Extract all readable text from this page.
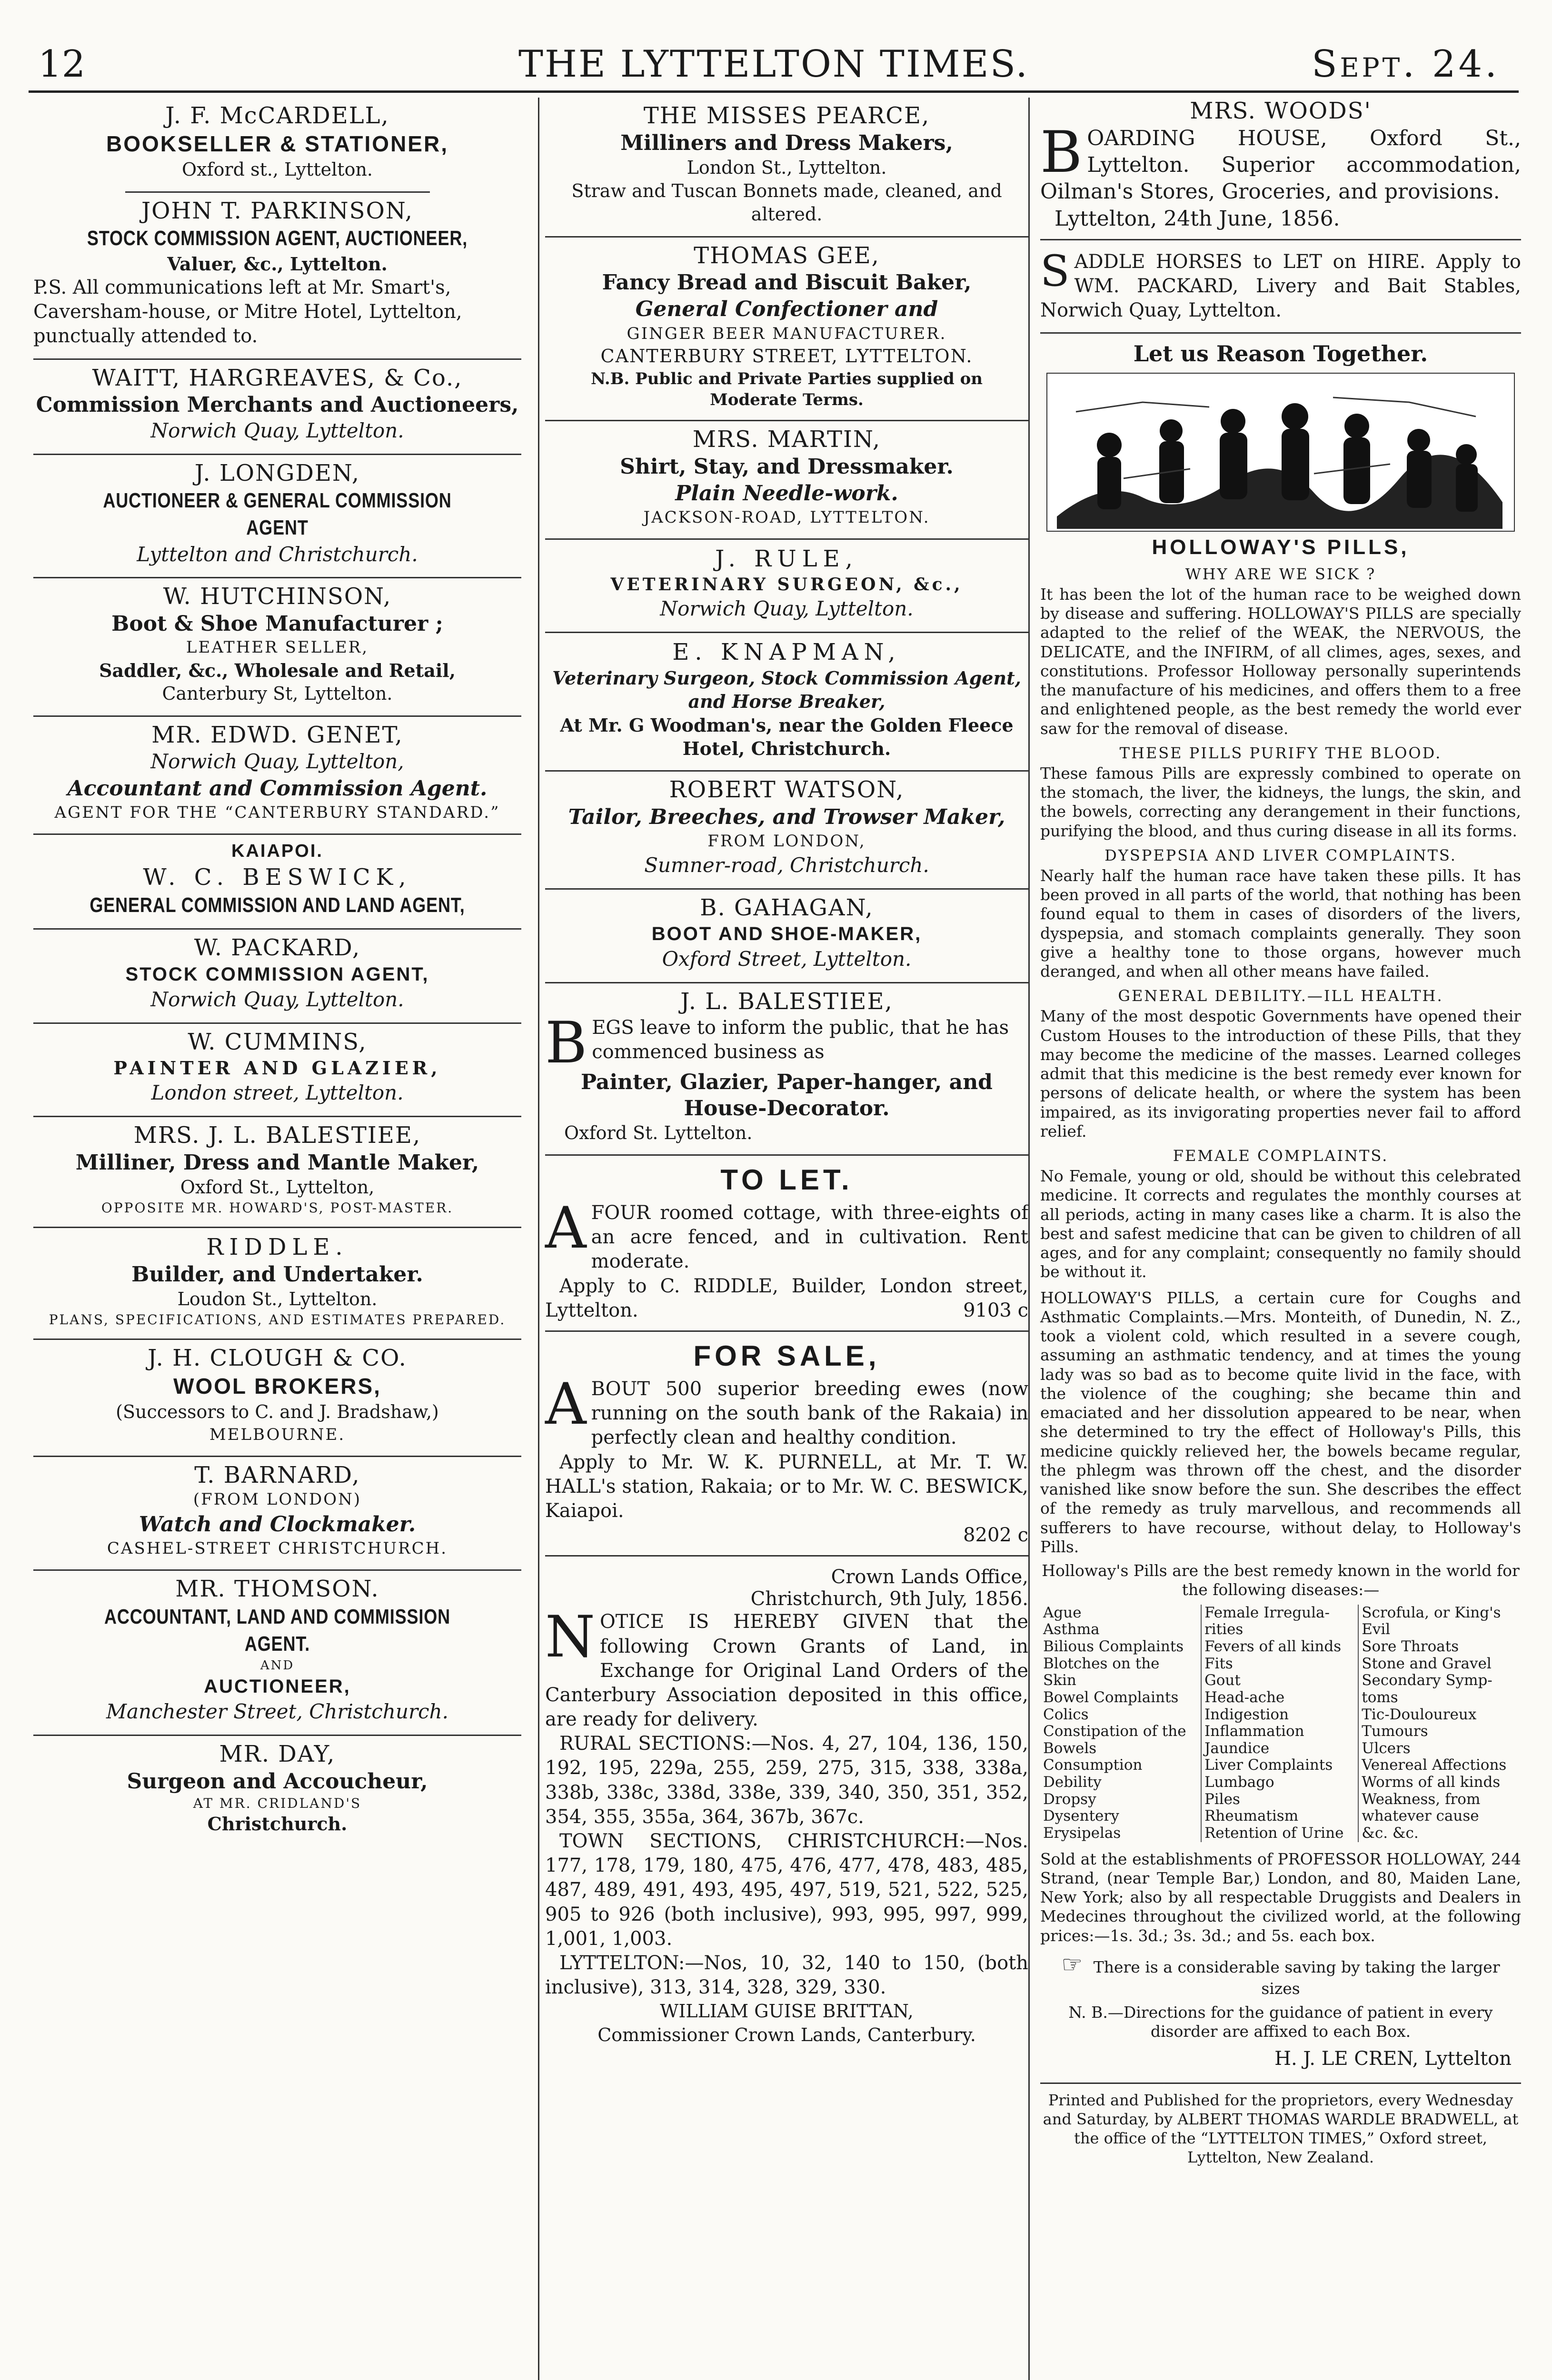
12	THE LYTTELTON TIMES.	Sept. 24.
J. F. McCARDELL,
BOOKSELLER & STATIONER,
Oxford st., Lyttelton.
JOHN T. PARKINSON,
STOCK COMMISSION AGENT, AUCTIONEER,
Valuer, &c., Lyttelton.
P.S. All communications left at Mr. Smart's, Caversham-house, or Mitre Hotel, Lyttelton, punctually attended to.
WAITT, HARGREAVES, & Co.,
Commission Merchants and Auctioneers,
Norwich Quay, Lyttelton.
J. LONGDEN,
AUCTIONEER & GENERAL COMMISSION AGENT
Lyttelton and Christchurch.
W. HUTCHINSON,
Boot & Shoe Manufacturer ;
LEATHER SELLER,
Saddler, &c., Wholesale and Retail,
Canterbury St, Lyttelton.
MR. EDWD. GENET,
Norwich Quay, Lyttelton,
Accountant and Commission Agent.
AGENT FOR THE “CANTERBURY STANDARD.”
KAIAPOI.
W. C. BESWICK,
GENERAL COMMISSION AND LAND AGENT,
W. PACKARD,
STOCK COMMISSION AGENT,
Norwich Quay, Lyttelton.
W. CUMMINS,
PAINTER AND GLAZIER,
London street, Lyttelton.
MRS. J. L. BALESTIEE,
Milliner, Dress and Mantle Maker,
Oxford St., Lyttelton,
OPPOSITE MR. HOWARD'S, POST-MASTER.
RIDDLE.
Builder, and Undertaker.
Loudon St., Lyttelton.
PLANS, SPECIFICATIONS, AND ESTIMATES PREPARED.
J. H. CLOUGH & CO.
WOOL BROKERS,
(Successors to C. and J. Bradshaw,)
MELBOURNE.
T. BARNARD,
(FROM LONDON)
Watch and Clockmaker.
CASHEL-STREET CHRISTCHURCH.
MR. THOMSON.
ACCOUNTANT, LAND AND COMMISSION AGENT.
AND
AUCTIONEER,
Manchester Street, Christchurch.
MR. DAY,
Surgeon and Accoucheur,
AT MR. CRIDLAND'S
Christchurch.
THE MISSES PEARCE,
Milliners and Dress Makers,
London St., Lyttelton.
Straw and Tuscan Bonnets made, cleaned, and altered.
THOMAS GEE,
Fancy Bread and Biscuit Baker,
General Confectioner and
GINGER BEER MANUFACTURER.
CANTERBURY STREET, LYTTELTON.
N.B. Public and Private Parties supplied on Moderate Terms.
MRS. MARTIN,
Shirt, Stay, and Dressmaker.
Plain Needle-work.
JACKSON-ROAD, LYTTELTON.
J. RULE,
VETERINARY SURGEON, &c.,
Norwich Quay, Lyttelton.
E. KNAPMAN,
Veterinary Surgeon, Stock Commission Agent,
and Horse Breaker,
At Mr. G Woodman's, near the Golden Fleece Hotel, Christchurch.
ROBERT WATSON,
Tailor, Breeches, and Trowser Maker,
FROM LONDON,
Sumner-road, Christchurch.
B. GAHAGAN,
BOOT AND SHOE-MAKER,
Oxford Street, Lyttelton.
J. L. BALESTIEE,
B EGS leave to inform the public, that he has commenced business as
Painter, Glazier, Paper-hanger, and House-Decorator.
Oxford St. Lyttelton.
TO LET.
A FOUR roomed cottage, with three-eights of an acre fenced, and in cultivation. Rent moderate.
Apply to C. RIDDLE, Builder, London street, Lyttelton.	9103 c
FOR SALE,
A BOUT 500 superior breeding ewes (now running on the south bank of the Rakaia) in perfectly clean and healthy condition.
Apply to Mr. W. K. PURNELL, at Mr. T. W. HALL's station, Rakaia; or to Mr. W. C. BESWICK, Kaiapoi.
8202 c
Crown Lands Office,
Christchurch, 9th July, 1856.
N OTICE IS HEREBY GIVEN that the following Crown Grants of Land, in Exchange for Original Land Orders of the Canterbury Association deposited in this office, are ready for delivery.
RURAL SECTIONS:—Nos. 4, 27, 104, 136, 150, 192, 195, 229a, 255, 259, 275, 315, 338, 338a, 338b, 338c, 338d, 338e, 339, 340, 350, 351, 352, 354, 355, 355a, 364, 367b, 367c.
TOWN SECTIONS, CHRISTCHURCH:—Nos. 177, 178, 179, 180, 475, 476, 477, 478, 483, 485, 487, 489, 491, 493, 495, 497, 519, 521, 522, 525, 905 to 926 (both inclusive), 993, 995, 997, 999, 1,001, 1,003.
LYTTELTON:—Nos, 10, 32, 140 to 150, (both inclusive), 313, 314, 328, 329, 330.
WILLIAM GUISE BRITTAN,
Commissioner Crown Lands, Canterbury.
MRS. WOODS'
B OARDING HOUSE, Oxford St., Lyttelton. Superior accommodation, Oilman's Stores, Groceries, and provisions.
Lyttelton, 24th June, 1856.
S ADDLE HORSES to LET on HIRE. Apply to WM. PACKARD, Livery and Bait Stables, Norwich Quay, Lyttelton.
Let us Reason Together.
HOLLOWAY'S PILLS,
WHY ARE WE SICK ?
It has been the lot of the human race to be weighed down by disease and suffering. HOLLOWAY'S PILLS are specially adapted to the relief of the WEAK, the NERVOUS, the DELICATE, and the INFIRM, of all climes, ages, sexes, and constitutions. Professor Holloway personally superintends the manufacture of his medicines, and offers them to a free and enlightened people, as the best remedy the world ever saw for the removal of disease.
THESE PILLS PURIFY THE BLOOD.
These famous Pills are expressly combined to operate on the stomach, the liver, the kidneys, the lungs, the skin, and the bowels, correcting any derangement in their functions, purifying the blood, and thus curing disease in all its forms.
DYSPEPSIA AND LIVER COMPLAINTS.
Nearly half the human race have taken these pills. It has been proved in all parts of the world, that nothing has been found equal to them in cases of disorders of the livers, dyspepsia, and stomach complaints generally. They soon give a healthy tone to those organs, however much deranged, and when all other means have failed.
GENERAL DEBILITY.—ILL HEALTH.
Many of the most despotic Governments have opened their Custom Houses to the introduction of these Pills, that they may become the medicine of the masses. Learned colleges admit that this medicine is the best remedy ever known for persons of delicate health, or where the system has been impaired, as its invigorating properties never fail to afford relief.
FEMALE COMPLAINTS.
No Female, young or old, should be without this celebrated medicine. It corrects and regulates the monthly courses at all periods, acting in many cases like a charm. It is also the best and safest medicine that can be given to children of all ages, and for any complaint; consequently no family should be without it.
HOLLOWAY'S PILLS, a certain cure for Coughs and Asthmatic Complaints.—Mrs. Monteith, of Dunedin, N. Z., took a violent cold, which resulted in a severe cough, assuming an asthmatic tendency, and at times the young lady was so bad as to become quite livid in the face, with the violence of the coughing; she became thin and emaciated and her dissolution appeared to be near, when she determined to try the effect of Holloway's Pills, this medicine quickly relieved her, the bowels became regular, the phlegm was thrown off the chest, and the disorder vanished like snow before the sun. She describes the effect of the remedy as truly marvellous, and recommends all sufferers to have recourse, without delay, to Holloway's Pills.
Holloway's Pills are the best remedy known in the world for the following diseases:—
Ague	Female Irregula-	Scrofula, or King's
Asthma	rities	Evil
Bilious Complaints	Fevers of all kinds	Sore Throats
Blotches on the	Fits	Stone and Gravel
Skin	Gout	Secondary Symp-
Bowel Complaints	Head-ache	toms
Colics	Indigestion	Tic-Douloureux
Constipation of the	Inflammation	Tumours
Bowels	Jaundice	Ulcers
Consumption	Liver Complaints	Venereal Affections
Debility	Lumbago	Worms of all kinds
Dropsy	Piles	Weakness, from
Dysentery	Rheumatism	whatever cause
Erysipelas	Retention of Urine	&c. &c.
Sold at the establishments of PROFESSOR HOLLOWAY, 244 Strand, (near Temple Bar,) London, and 80, Maiden Lane, New York; also by all respectable Druggists and Dealers in Medecines throughout the civilized world, at the following prices:—1s. 3d.; 3s. 3d.; and 5s. each box.
☞ There is a considerable saving by taking the larger sizes
N. B.—Directions for the guidance of patient in every disorder are affixed to each Box.
H. J. LE CREN, Lyttelton
Printed and Published for the proprietors, every Wednesday and Saturday, by ALBERT THOMAS WARDLE BRADWELL, at the office of the “LYTTELTON TIMES,” Oxford street, Lyttelton, New Zealand.
